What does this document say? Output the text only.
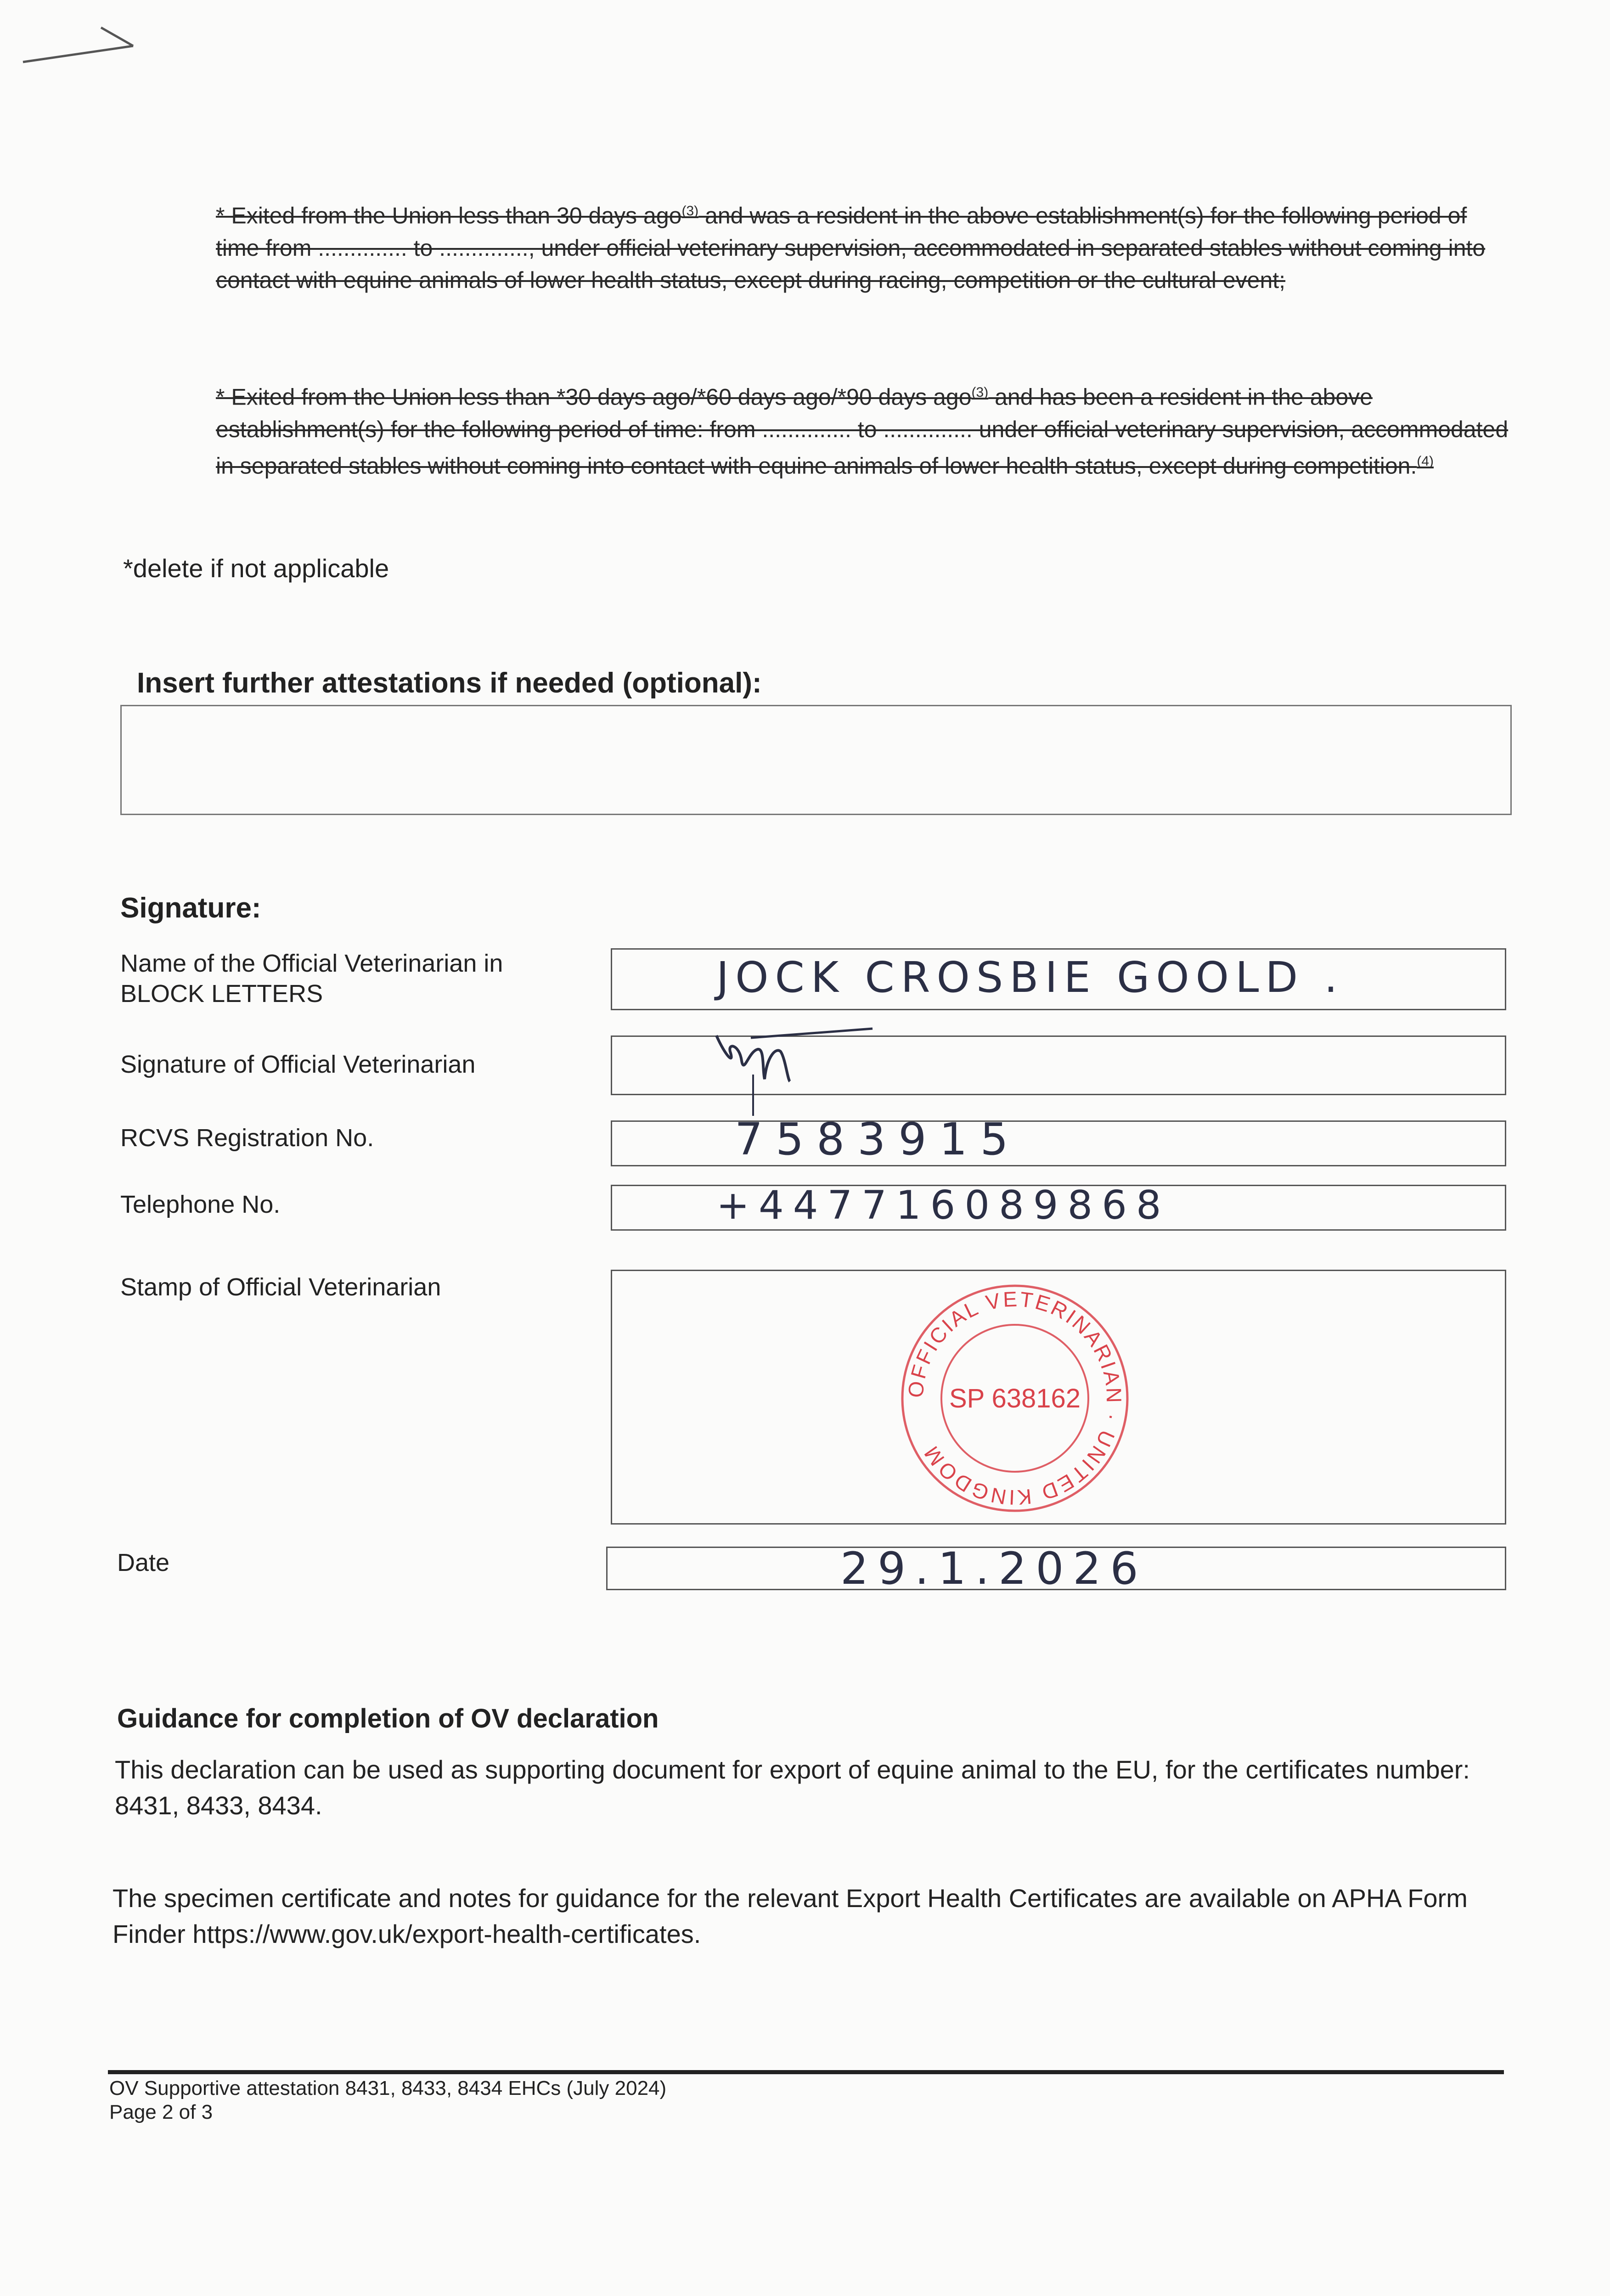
* Exited from the Union less than 30 days ago$^{(3)}$ and was a resident in the above establishment(s) for the following period of time from .............. to .............., under official veterinary supervision, accommodated in separated stables without coming into contact with equine animals of lower health status, except during racing, competition or the cultural event;
* Exited from the Union less than *30 days ago/*60 days ago/*90 days ago$^{(3)}$ and has been a resident in the above establishment(s) for the following period of time: from .............. to .............. under official veterinary supervision, accommodated in separated stables without coming into contact with equine animals of lower health status, except during competition.$^{(4)}$
*delete if not applicable
Insert further attestations if needed (optional):
Signature:
Name of the Official Veterinarian in BLOCK LETTERS	JOCK CROSBIE GOOLD .
Signature of Official Veterinarian
RCVS Registration No.	7583915
Telephone No.	+447716089868
Stamp of Official Veterinarian
OFFICIAL VETERINARIAN · UNITED KINGDOM
SP 638162
Date	29.1.2026
Guidance for completion of OV declaration
This declaration can be used as supporting document for export of equine animal to the EU, for the certificates number: 8431, 8433, 8434.
The specimen certificate and notes for guidance for the relevant Export Health Certificates are available on APHA Form Finder https://www.gov.uk/export-health-certificates.
OV Supportive attestation 8431, 8433, 8434 EHCs (July 2024)
Page 2 of 3
